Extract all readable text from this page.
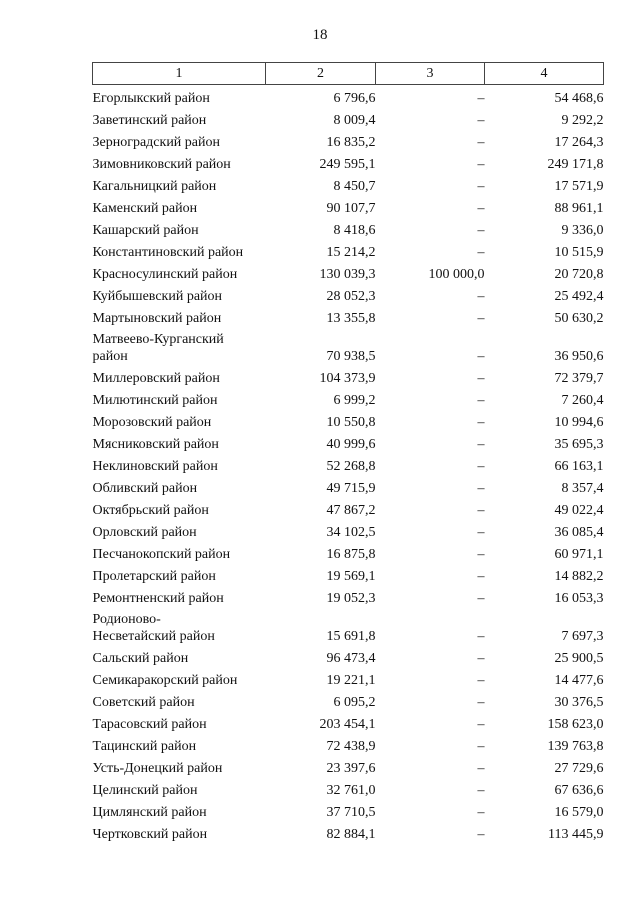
18
1	2	3	4
Егорлыкский район	6 796,6	–	54 468,6
Заветинский район	8 009,4	–	9 292,2
Зерноградский район	16 835,2	–	17 264,3
Зимовниковский район	249 595,1	–	249 171,8
Кагальницкий район	8 450,7	–	17 571,9
Каменский район	90 107,7	–	88 961,1
Кашарский район	8 418,6	–	9 336,0
Константиновский район	15 214,2	–	10 515,9
Красносулинский район	130 039,3	100 000,0	20 720,8
Куйбышевский район	28 052,3	–	25 492,4
Мартыновский район	13 355,8	–	50 630,2
Матвеево-Курганский
район	70 938,5	–	36 950,6
Миллеровский район	104 373,9	–	72 379,7
Милютинский район	6 999,2	–	7 260,4
Морозовский район	10 550,8	–	10 994,6
Мясниковский район	40 999,6	–	35 695,3
Неклиновский район	52 268,8	–	66 163,1
Обливский район	49 715,9	–	8 357,4
Октябрьский район	47 867,2	–	49 022,4
Орловский район	34 102,5	–	36 085,4
Песчанокопский район	16 875,8	–	60 971,1
Пролетарский район	19 569,1	–	14 882,2
Ремонтненский район	19 052,3	–	16 053,3
Родионово-
Несветайский район	15 691,8	–	7 697,3
Сальский район	96 473,4	–	25 900,5
Семикаракорский район	19 221,1	–	14 477,6
Советский район	6 095,2	–	30 376,5
Тарасовский район	203 454,1	–	158 623,0
Тацинский район	72 438,9	–	139 763,8
Усть-Донецкий район	23 397,6	–	27 729,6
Целинский район	32 761,0	–	67 636,6
Цимлянский район	37 710,5	–	16 579,0
Чертковский район	82 884,1	–	113 445,9
